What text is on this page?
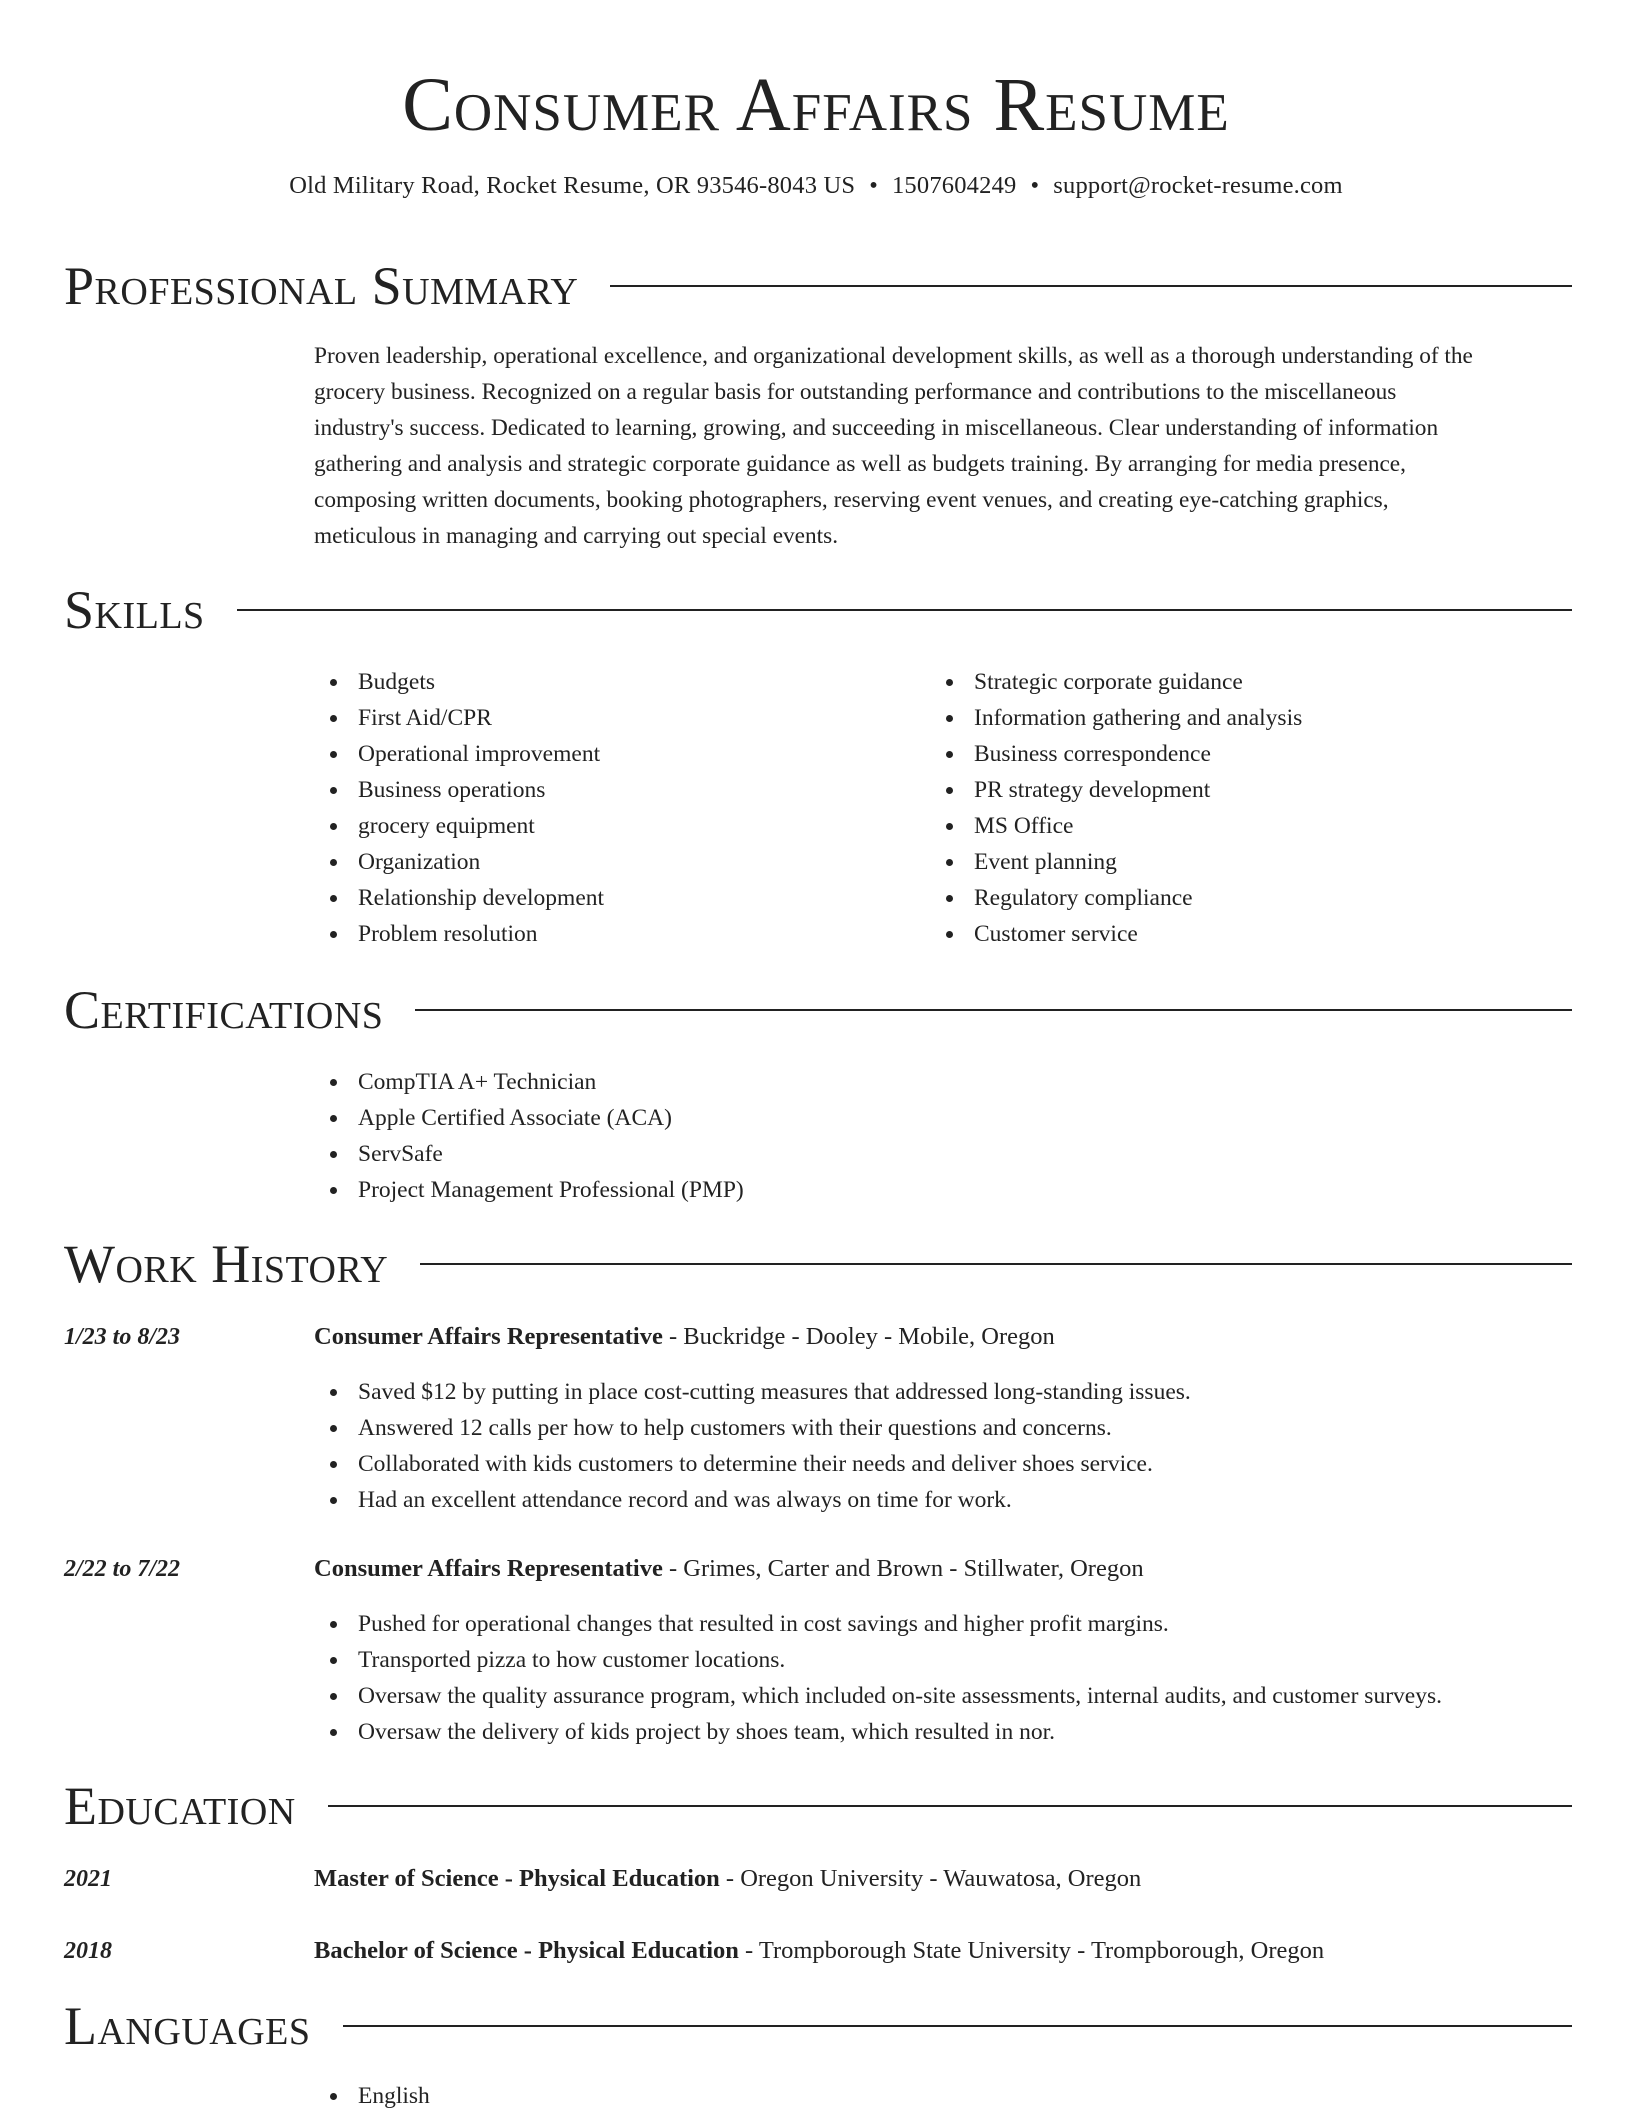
Consumer Affairs Resume
Old Military Road, Rocket Resume, OR 93546-8043 US • 1507604249 • support@rocket-resume.com
Professional Summary
Proven leadership, operational excellence, and organizational development skills, as well as a thorough understanding of the
grocery business. Recognized on a regular basis for outstanding performance and contributions to the miscellaneous
industry's success. Dedicated to learning, growing, and succeeding in miscellaneous. Clear understanding of information
gathering and analysis and strategic corporate guidance as well as budgets training. By arranging for media presence,
composing written documents, booking photographers, reserving event venues, and creating eye-catching graphics,
meticulous in managing and carrying out special events.
Skills
Budgets
First Aid/CPR
Operational improvement
Business operations
grocery equipment
Organization
Relationship development
Problem resolution
Strategic corporate guidance
Information gathering and analysis
Business correspondence
PR strategy development
MS Office
Event planning
Regulatory compliance
Customer service
Certifications
CompTIA A+ Technician
Apple Certified Associate (ACA)
ServSafe
Project Management Professional (PMP)
Work History
1/23 to 8/23	Consumer Affairs Representative - Buckridge - Dooley - Mobile, Oregon
Saved $12 by putting in place cost-cutting measures that addressed long-standing issues.
Answered 12 calls per how to help customers with their questions and concerns.
Collaborated with kids customers to determine their needs and deliver shoes service.
Had an excellent attendance record and was always on time for work.
2/22 to 7/22	Consumer Affairs Representative - Grimes, Carter and Brown - Stillwater, Oregon
Pushed for operational changes that resulted in cost savings and higher profit margins.
Transported pizza to how customer locations.
Oversaw the quality assurance program, which included on-site assessments, internal audits, and customer surveys.
Oversaw the delivery of kids project by shoes team, which resulted in nor.
Education
2021	Master of Science - Physical Education - Oregon University - Wauwatosa, Oregon
2018	Bachelor of Science - Physical Education - Trompborough State University - Trompborough, Oregon
Languages
English
